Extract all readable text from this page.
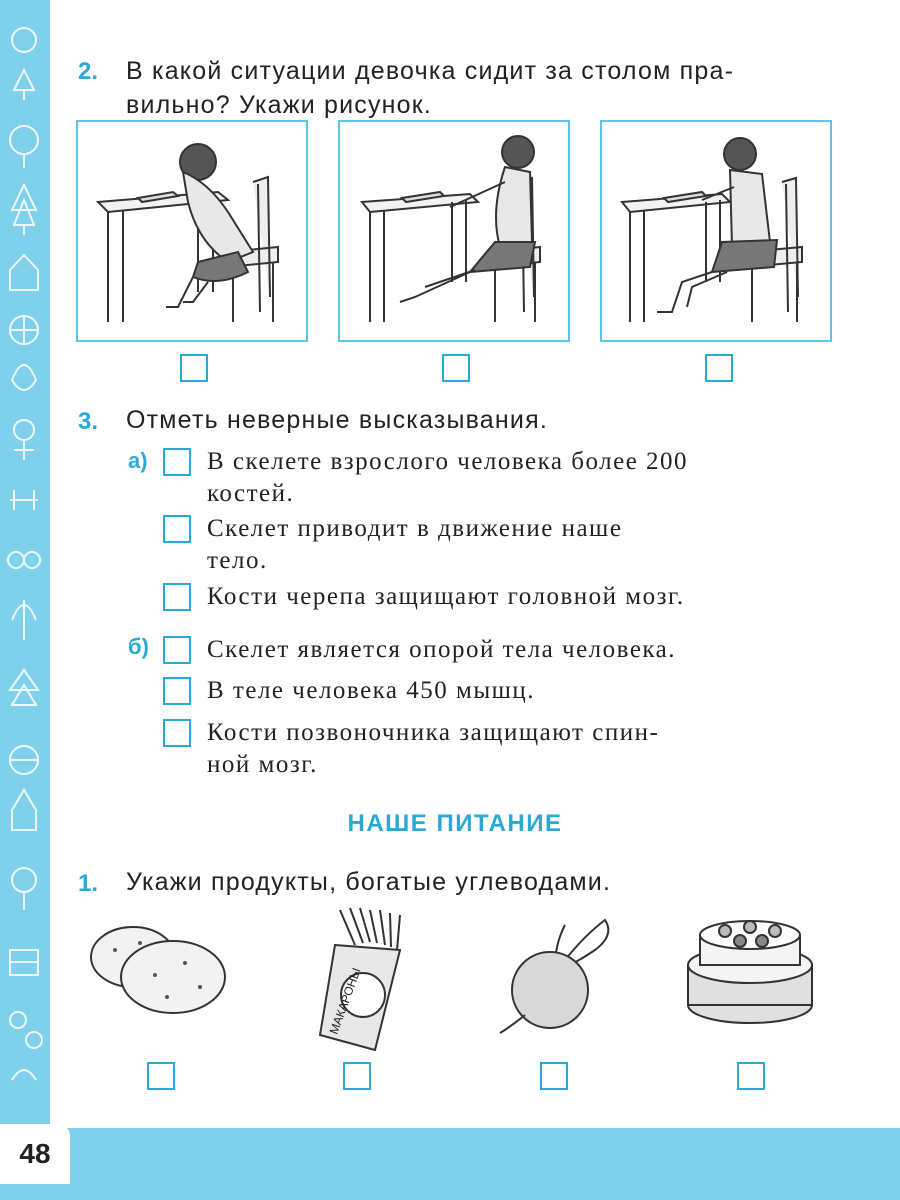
48
2. В какой ситуации девочка сидит за столом пра-
вильно? Укажи рисунок.
3. Отметь неверные высказывания.
а) В скелете взрослого человека более 200
костей.
Скелет приводит в движение наше
тело.
Кости черепа защищают головной мозг.
б) Скелет является опорой тела человека.
В теле человека 450 мышц.
Кости позвоночника защищают спин-
ной мозг.
НАШЕ ПИТАНИЕ
1. Укажи продукты, богатые углеводами.
МАКАРОНЫ
